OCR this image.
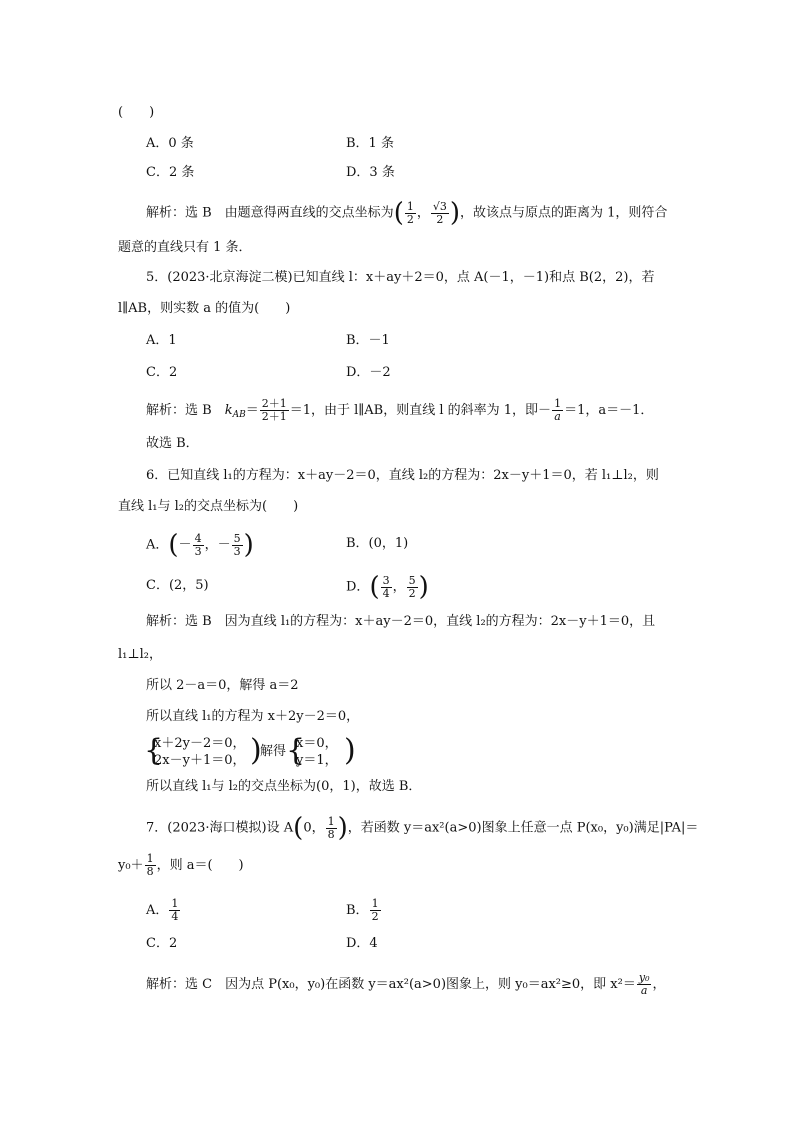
(　　)
A．0 条	B．1 条
C．2 条	D．3 条
解析：选 B　由题意得两直线的交点坐标为( $\frac{1}{2}$ ， $\frac{√3}{2}$ )，故该点与原点的距离为 1，则符合
题意的直线只有 1 条．
5．(2023·北京海淀二模)已知直线 l：x＋ay＋2＝0，点 A(－1，－1)和点 B(2，2)，若
l∥AB，则实数 a 的值为(　　)
A．1	B．－1
C．2	D．－2
解析：选 B　$k_{AB}= \frac{2+1}{2+1} =1$，由于 l∥AB，则直线 l 的斜率为 1，即－ $\frac{1}{a} =1$，a＝－1．
故选 B．
6．已知直线 l₁的方程为：x＋ay－2＝0，直线 l₂的方程为：2x－y＋1＝0，若 l₁⊥l₂，则
直线 l₁与 l₂的交点坐标为(　　)
A．(－ $\frac{4}{3}$ ，－ $\frac{5}{3}$ )	B．(0，1)
C．(2，5)	D．( $\frac{3}{4}$ ， $\frac{5}{2}$ )
解析：选 B　因为直线 l₁的方程为：x＋ay－2＝0，直线 l₂的方程为：2x－y＋1＝0，且
l₁⊥l₂，
所以 2－a＝0，解得 a＝2
所以直线 l₁的方程为 x＋2y－2＝0，
{
x＋2y－2＝0，
2x－y＋1＝0， )
解得 {
x＝0，
y＝1， )
所以直线 l₁与 l₂的交点坐标为(0，1)，故选 B．
7．(2023·海口模拟)设 A(0， $\frac{1}{8}$ )，若函数 y＝ax²(a>0)图象上任意一点 P(x₀，y₀)满足|PA|＝
$y_0+ \frac{1}{8}$ ，则 a＝(　　)
A． $\frac{1}{4}$	B． $\frac{1}{2}$
C．2	D．4
解析：选 C　因为点 P(x₀，y₀)在函数 y＝ax²(a>0)图象上，则 y₀＝ax²≥0，即 $x^2= \frac{\text{y₀}}{a}$ ，
